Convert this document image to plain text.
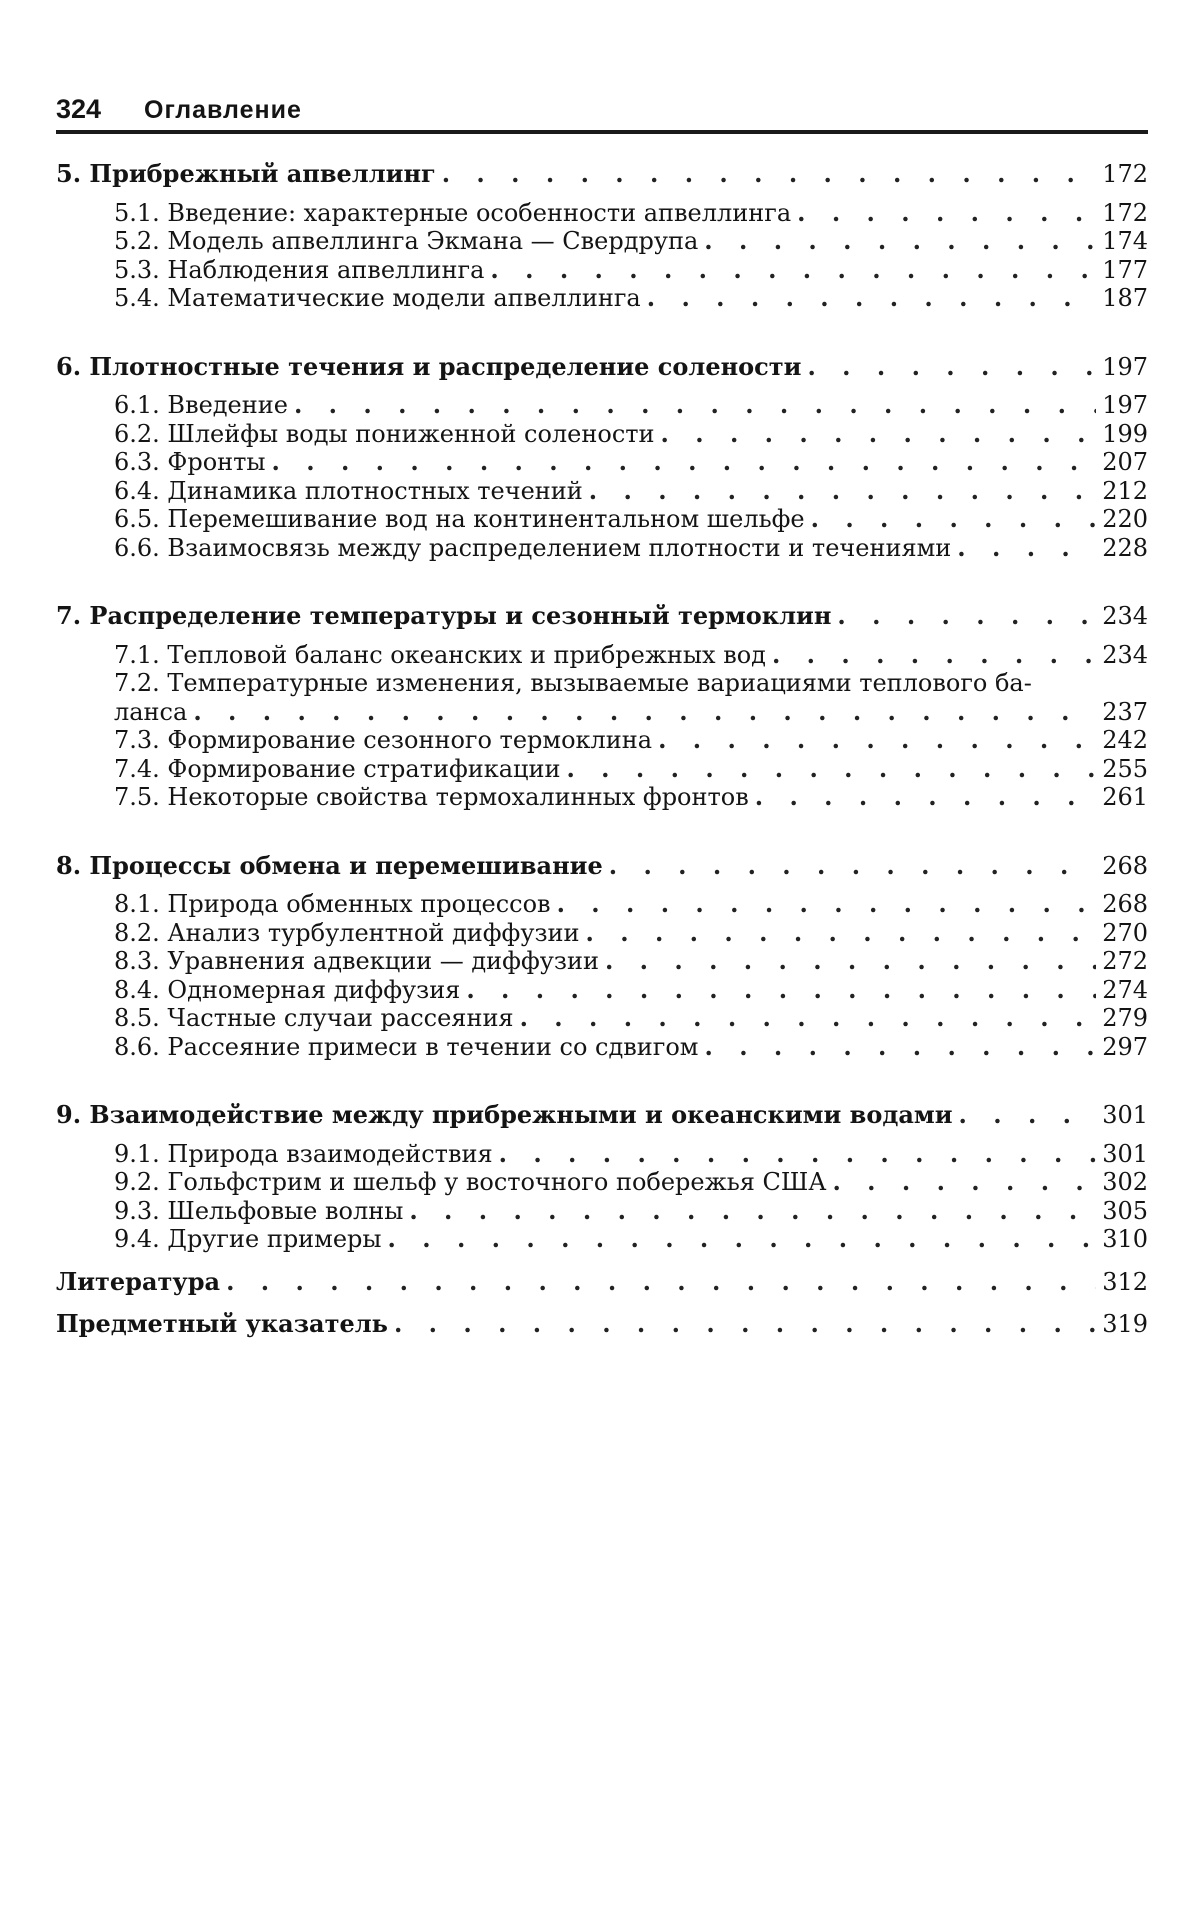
324 Оглавление
5. Прибрежный апвеллинг . . .	172
5.1. Введение: характерные особенности апвеллинга . . .	172
5.2. Модель апвеллинга Экмана — Свердрупа . . .	174
5.3. Наблюдения апвеллинга . . .	177
5.4. Математические модели апвеллинга . . .	187
6. Плотностные течения и распределение солености . . .	197
6.1. Введение . . .	197
6.2. Шлейфы воды пониженной солености . . .	199
6.3. Фронты . . .	207
6.4. Динамика плотностных течений . . .	212
6.5. Перемешивание вод на континентальном шельфе . . .	220
6.6. Взаимосвязь между распределением плотности и течениями . . .	228
7. Распределение температуры и сезонный термоклин . . .	234
7.1. Тепловой баланс океанских и прибрежных вод . . .	234
7.2. Температурные изменения, вызываемые вариациями теплового ба-
лансa . . .	237
7.3. Формирование сезонного термоклина . . .	242
7.4. Формирование стратификации . . .	255
7.5. Некоторые свойства термохалинных фронтов . . .	261
8. Процессы обмена и перемешивание . . .	268
8.1. Природа обменных процессов . . .	268
8.2. Анализ турбулентной диффузии . . .	270
8.3. Уравнения адвекции — диффузии . . .	272
8.4. Одномерная диффузия . . .	274
8.5. Частные случаи рассеяния . . .	279
8.6. Рассеяние примеси в течении со сдвигом . . .	297
9. Взаимодействие между прибрежными и океанскими водами . . .	301
9.1. Природа взаимодействия . . .	301
9.2. Гольфстрим и шельф у восточного побережья США . . .	302
9.3. Шельфовые волны . . .	305
9.4. Другие примеры . . .	310
Литература . . .	312
Предметный указатель . . .	319
